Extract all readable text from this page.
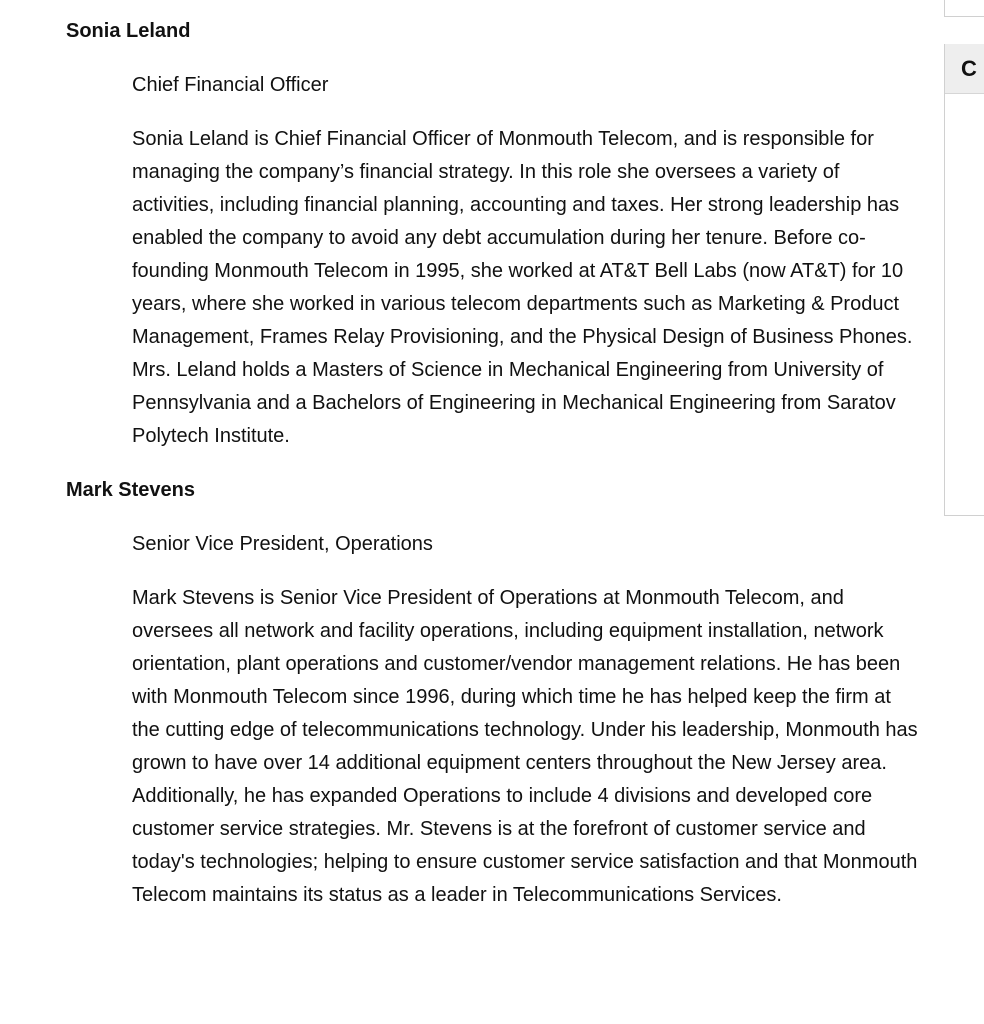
C
Sonia Leland
Chief Financial Officer
Sonia Leland is Chief Financial Officer of Monmouth Telecom, and is responsible for managing the company’s financial strategy. In this role she oversees a variety of activities, including financial planning, accounting and taxes. Her strong leadership has enabled the company to avoid any debt accumulation during her tenure. Before co-founding Monmouth Telecom in 1995, she worked at AT&T Bell Labs (now AT&T) for 10 years, where she worked in various telecom departments such as Marketing & Product Management, Frames Relay Provisioning, and the Physical Design of Business Phones. Mrs. Leland holds a Masters of Science in Mechanical Engineering from University of Pennsylvania and a Bachelors of Engineering in Mechanical Engineering from Saratov Polytech Institute.
Mark Stevens
Senior Vice President, Operations
Mark Stevens is Senior Vice President of Operations at Monmouth Telecom, and oversees all network and facility operations, including equipment installation, network orientation, plant operations and customer/vendor management relations. He has been with Monmouth Telecom since 1996, during which time he has helped keep the firm at the cutting edge of telecommunications technology. Under his leadership, Monmouth has grown to have over 14 additional equipment centers throughout the New Jersey area. Additionally, he has expanded Operations to include 4 divisions and developed core customer service strategies. Mr. Stevens is at the forefront of customer service and today's technologies; helping to ensure customer service satisfaction and that Monmouth Telecom maintains its status as a leader in Telecommunications Services.
